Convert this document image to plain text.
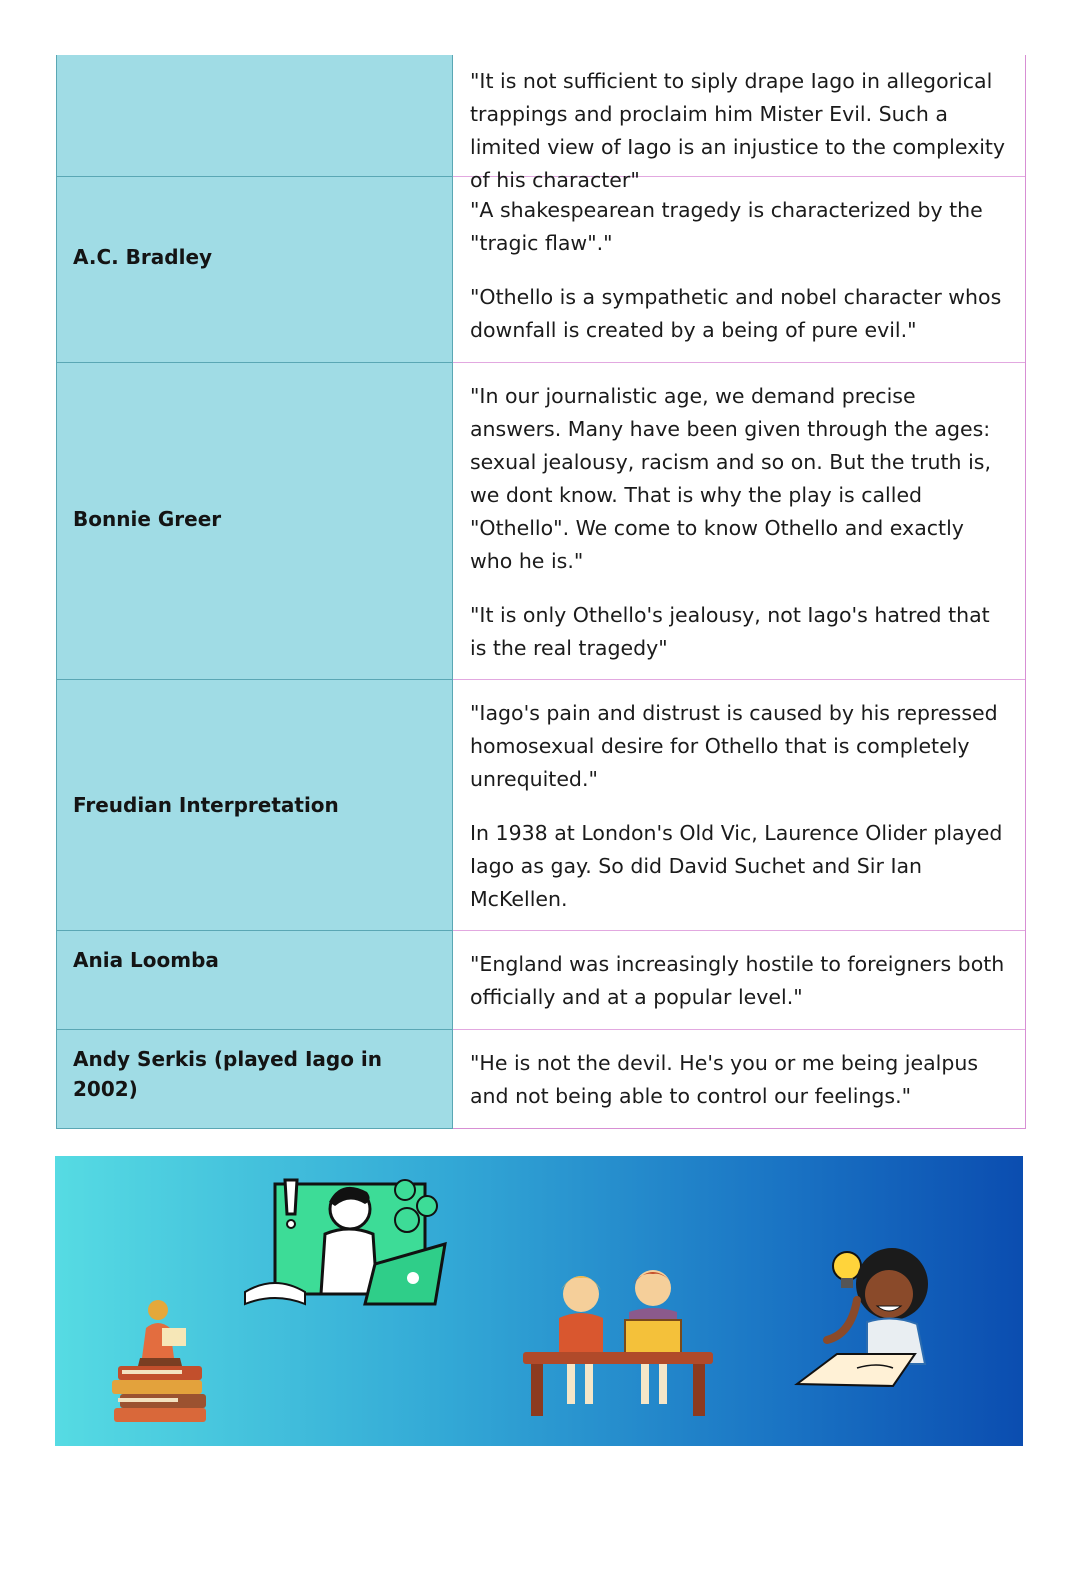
	"It is not sufficient to siply drape Iago in allegorical trappings and proclaim him Mister Evil. Such a limited view of Iago is an injustice to the complexity of his character"

A.C. Bradley	"A shakespearean tragedy is characterized by the "tragic flaw"."

"Othello is a sympathetic and nobel character whos downfall is created by a being of pure evil."

Bonnie Greer	"In our journalistic age, we demand precise answers. Many have been given through the ages: sexual jealousy, racism and so on. But the truth is, we dont know. That is why the play is called "Othello". We come to know Othello and exactly who he is."

"It is only Othello's jealousy, not Iago's hatred that is the real tragedy"

Freudian Interpretation	"Iago's pain and distrust is caused by his repressed homosexual desire for Othello that is completely unrequited."

In 1938 at London's Old Vic, Laurence Olider played Iago as gay. So did David Suchet and Sir Ian McKellen.

Ania Loomba	"England was increasingly hostile to foreigners both officially and at a popular level."

Andy Serkis (played Iago in 2002)	"He is not the devil. He's you or me being jealpus and not being able to control our feelings."
